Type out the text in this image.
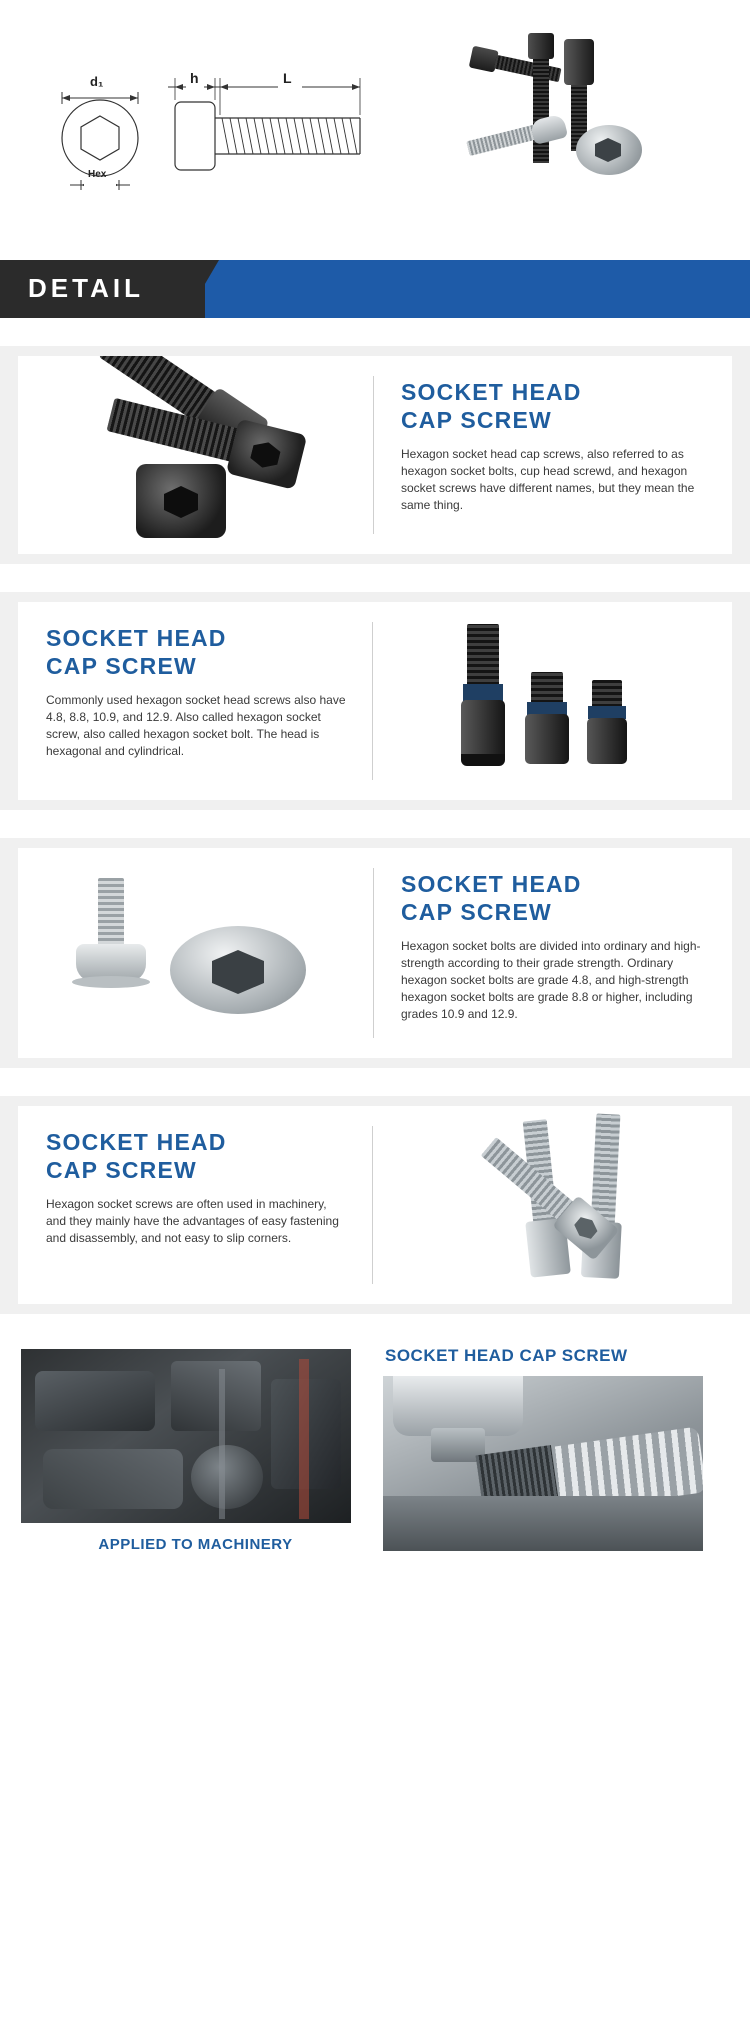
d₁
Hex
h	L
DETAIL
SOCKET HEAD
CAP SCREW

Hexagon socket head cap screws, also referred to as hexagon socket bolts, cup head screwd, and hexagon socket screws have different names, but they mean the same thing.

SOCKET HEAD
CAP SCREW

Commonly used hexagon socket head screws also have 4.8, 8.8, 10.9, and 12.9. Also called hexagon socket screw, also called hexagon socket bolt. The head is hexagonal and cylindrical.

SOCKET HEAD
CAP SCREW

Hexagon socket bolts are divided into ordinary and high-strength according to their grade strength. Ordinary hexagon socket bolts are grade 4.8, and high-strength hexagon socket bolts are grade 8.8 or higher, including grades 10.9 and 12.9.

SOCKET HEAD
CAP SCREW

Hexagon socket screws are often used in machinery, and they mainly have the advantages of easy fastening and disassembly, and not easy to slip corners.

APPLIED TO MACHINERY
SOCKET HEAD CAP SCREW
